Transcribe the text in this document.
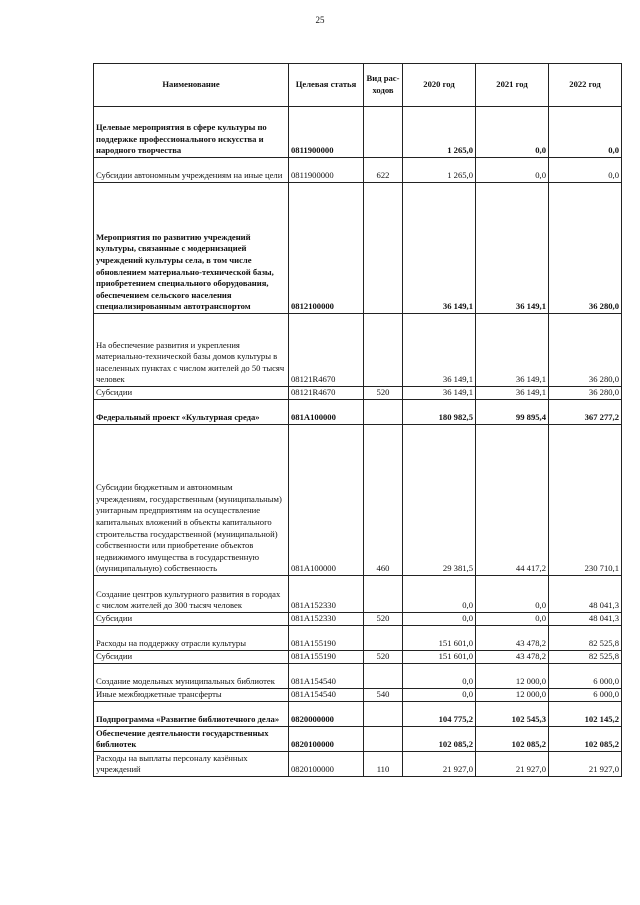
25
Наименование	Целевая статья	Вид рас-ходов	2020 год	2021 год	2022 год
Целевые мероприятия в сфере культуры по поддержке профессионального искусства и народного творчества	0811900000		1 265,0	0,0	0,0
Субсидии автономным учреждениям на иные цели	0811900000	622	1 265,0	0,0	0,0
Мероприятия по развитию учреждений культуры, связанные с модернизацией учреждений культуры села, в том числе обновлением материально-технической базы, приобретением специального оборудования, обеспечением сельского населения специализированным автотранспортом	0812100000		36 149,1	36 149,1	36 280,0
На обеспечение развития и укрепления материально-технической базы домов культуры в населенных пунктах с числом жителей до 50 тысяч человек	08121R4670		36 149,1	36 149,1	36 280,0
Субсидии	08121R4670	520	36 149,1	36 149,1	36 280,0
Федеральный проект «Культурная среда»	081A100000		180 982,5	99 895,4	367 277,2
Субсидии бюджетным и автономным учреждениям, государственным (муниципальным) унитарным предприятиям на осуществление капитальных вложений в объекты капитального строительства государственной (муниципальной) собственности или приобретение объектов недвижимого имущества в государственную (муниципальную) собственность	081A100000	460	29 381,5	44 417,2	230 710,1
Создание центров культурного развития в городах с числом жителей до 300 тысяч человек	081A152330		0,0	0,0	48 041,3
Субсидии	081A152330	520	0,0	0,0	48 041,3
Расходы на поддержку отрасли культуры	081A155190		151 601,0	43 478,2	82 525,8
Субсидии	081A155190	520	151 601,0	43 478,2	82 525,8
Создание модельных муниципальных библиотек	081A154540		0,0	12 000,0	6 000,0
Иные межбюджетные трансферты	081A154540	540	0,0	12 000,0	6 000,0
Подпрограмма «Развитие библиотечного дела»	0820000000		104 775,2	102 545,3	102 145,2
Обеспечение деятельности государственных библиотек	0820100000		102 085,2	102 085,2	102 085,2
Расходы на выплаты персоналу казённых учреждений	0820100000	110	21 927,0	21 927,0	21 927,0
